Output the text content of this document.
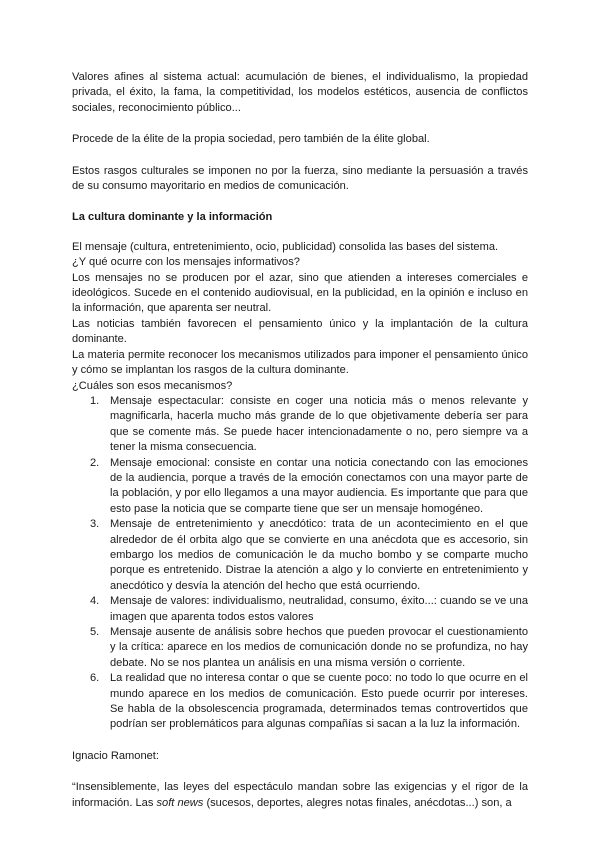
Valores afines al sistema actual: acumulación de bienes, el individualismo, la propiedad privada, el éxito, la fama, la competitividad, los modelos estéticos, ausencia de conflictos sociales, reconocimiento público...

Procede de la élite de la propia sociedad, pero también de la élite global.

Estos rasgos culturales se imponen no por la fuerza, sino mediante la persuasión a través de su consumo mayoritario en medios de comunicación.

La cultura dominante y la información

El mensaje (cultura, entretenimiento, ocio, publicidad) consolida las bases del sistema.

¿Y qué ocurre con los mensajes informativos?

Los mensajes no se producen por el azar, sino que atienden a intereses comerciales e ideológicos. Sucede en el contenido audiovisual, en la publicidad, en la opinión e incluso en la información, que aparenta ser neutral.

Las noticias también favorecen el pensamiento único y la implantación de la cultura dominante.

La materia permite reconocer los mecanismos utilizados para imponer el pensamiento único y cómo se implantan los rasgos de la cultura dominante.

¿Cuáles son esos mecanismos?

1. Mensaje espectacular: consiste en coger una noticia más o menos relevante y magnificarla, hacerla mucho más grande de lo que objetivamente debería ser para que se comente más. Se puede hacer intencionadamente o no, pero siempre va a tener la misma consecuencia.
2. Mensaje emocional: consiste en contar una noticia conectando con las emociones de la audiencia, porque a través de la emoción conectamos con una mayor parte de la población, y por ello llegamos a una mayor audiencia. Es importante que para que esto pase la noticia que se comparte tiene que ser un mensaje homogéneo.
3. Mensaje de entretenimiento y anecdótico: trata de un acontecimiento en el que alrededor de él orbita algo que se convierte en una anécdota que es accesorio, sin embargo los medios de comunicación le da mucho bombo y se comparte mucho porque es entretenido. Distrae la atención a algo y lo convierte en entretenimiento y anecdótico y desvía la atención del hecho que está ocurriendo.
4. Mensaje de valores: individualismo, neutralidad, consumo, éxito...: cuando se ve una imagen que aparenta todos estos valores
5. Mensaje ausente de análisis sobre hechos que pueden provocar el cuestionamiento y la crítica: aparece en los medios de comunicación donde no se profundiza, no hay debate. No se nos plantea un análisis en una misma versión o corriente.
6. La realidad que no interesa contar o que se cuente poco: no todo lo que ocurre en el mundo aparece en los medios de comunicación. Esto puede ocurrir por intereses. Se habla de la obsolescencia programada, determinados temas controvertidos que podrían ser problemáticos para algunas compañías si sacan a la luz la información.

Ignacio Ramonet:

“Insensiblemente, las leyes del espectáculo mandan sobre las exigencias y el rigor de la información. Las soft news (sucesos, deportes, alegres notas finales, anécdotas...) son, a
